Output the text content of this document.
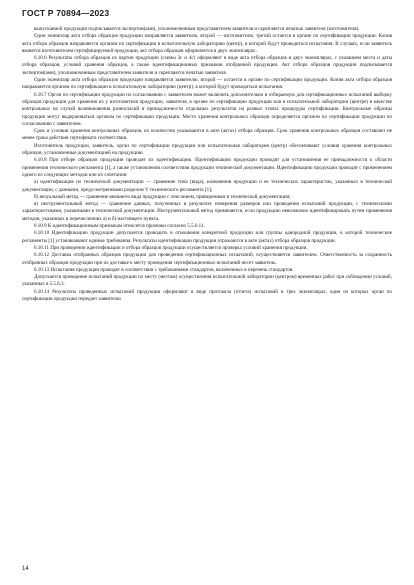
ГОСТ Р 70894—2023

выпускаемой продукции подписывается экспертом(ами), уполномоченным представителем заявителя и скрепляется печатью заявителя (изготовителя).

Один экземпляр акта отбора образцов продукции направляется заявителю, второй — изготовителю, третий остается в органе по сертификации продукции. Копия акта отбора образцов направляется органом по сертификации в испытательную лабораторию (центр), в которой будут проводиться испытания. В случаях, если заявитель является изготовителем сертифицируемой продукции, акт отбора образцов оформляется в двух экземплярах.

6.10.6 Результаты отбора образцов из партии продукции (схемы 3с и 4с) оформляют в виде акта отбора образцов в двух экземплярах, с указанием места и даты отбора образцов, условий хранения образцов, а также идентификационных признаков отобранной продукции. Акт отбора образцов продукции подписывается экспертом(ами), уполномоченным представителем заявителя и скрепляется печатью заявителя.

Один экземпляр акта отбора образцов продукции направляется заявителю, второй — остается в органе по сертификации продукции. Копия акта отбора образцов направляется органом по сертификации в испытательную лабораторию (центр), в которой будут проводиться испытания.

6.10.7 Орган по сертификации продукции по согласованию с заявителем может включить дополнительно в отбираемую для сертификационных испытаний выборку образцов продукции для хранения их у изготовителя продукции, заявителя, в органе по сертификации продукции или в испытательной лаборатории (центре) в качестве контрольных на случай возникновения разногласий в принадлежности отдельных результатов на разных этапах процедуры сертификации. Контрольные образцы продукции могут выдерживаться органом по сертификации продукции. Место хранения контрольных образцов определяется органом по сертификации продукции по согласованию с заявителем.

Срок и условия хранения контрольных образцов, их количество указываются в акте (актах) отбора образцов. Срок хранения контрольных образцов составляет не менее срока действия сертификата соответствия.

Изготовитель продукции, заявитель, орган по сертификации продукции или испытательная лаборатория (центр) обеспечивают условия хранения контрольных образцов, установленные документацией на продукцию.

6.10.8 При отборе образцов продукции проводят их идентификацию. Идентификацию продукции проводят для установления ее принадлежности к области применения технического регламента [1], а также установления соответствия продукции технической документации. Идентификацию продукции проводят с применением одного из следующих методов или их сочетания:

а) идентификация по технической документации — сравнение типа (вида), назначения продукции и ее технических характеристик, указанных в технической документации, с данными, предусмотренными разделом V технического регламента [1];

б) визуальный метод — сравнение внешнего вида продукции с описанием, приведенным в технической документации;

в) инструментальный метод — сравнение данных, полученных в результате измерения размеров или проведения испытаний продукции, с техническими характеристиками, указанными в технической документации. Инструментальный метод применяется, если продукцию невозможно идентифицировать путем применения методов, указанных в перечислениях а) и б) настоящего пункта.

6.10.9 К идентификационным признакам относятся признаки согласно 5.5.6.11.

6.10.10 Идентификацию продукции допускается проводить в отношении конкретной продукции или группы однородной продукции, к которой технические регламенты [1] устанавливают единые требования. Результаты идентификации продукции отражаются в акте (актах) отбора образцов продукции.

6.10.11 При проведении идентификации и отбора образцов продукции осуществляется проверка условий хранения продукции.

6.10.12 Доставка отобранных образцов продукции для проведения сертификационных испытаний, осуществляется заявителем. Ответственность за сохранность отобранных образцов продукции при их доставке к месту проведения сертификационных испытаний несет заявитель.

6.10.13 Испытания продукции проводят в соответствии с требованиями стандартов, включенных в перечень стандартов.

Допускается проведение испытаний продукции по месту (местам) осуществления испытательной лаборатории (центром) временных работ при соблюдении условий, указанных в 5.5.6.3.

6.10.14 Результаты проведенных испытаний продукции оформляют в виде протокола (отчета) испытаний в трех экземплярах, один из которых орган по сертификации продукции передает заявителю

14
